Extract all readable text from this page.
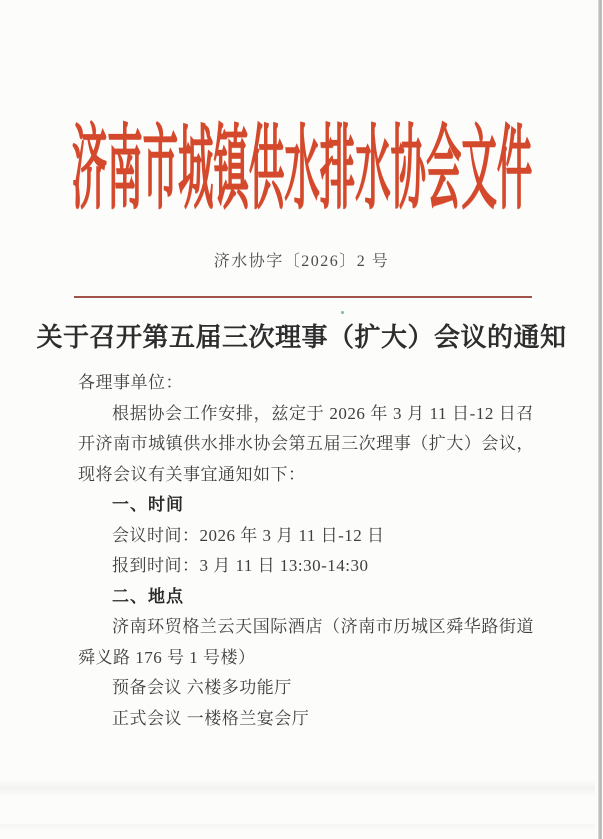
济南市城镇供水排水协会文件
济水协字〔2026〕2 号
关于召开第五届三次理事（扩大）会议的通知

各理事单位：

根据协会工作安排，兹定于 2026 年 3 月 11 日-12 日召开济南市城镇供水排水协会第五届三次理事（扩大）会议，现将会议有关事宜通知如下：

一、时间

会议时间：2026 年 3 月 11 日-12 日

报到时间：3 月 11 日 13:30-14:30

二、地点

济南环贸格兰云天国际酒店（济南市历城区舜华路街道舜义路 176 号 1 号楼）

预备会议 六楼多功能厅

正式会议 一楼格兰宴会厅
